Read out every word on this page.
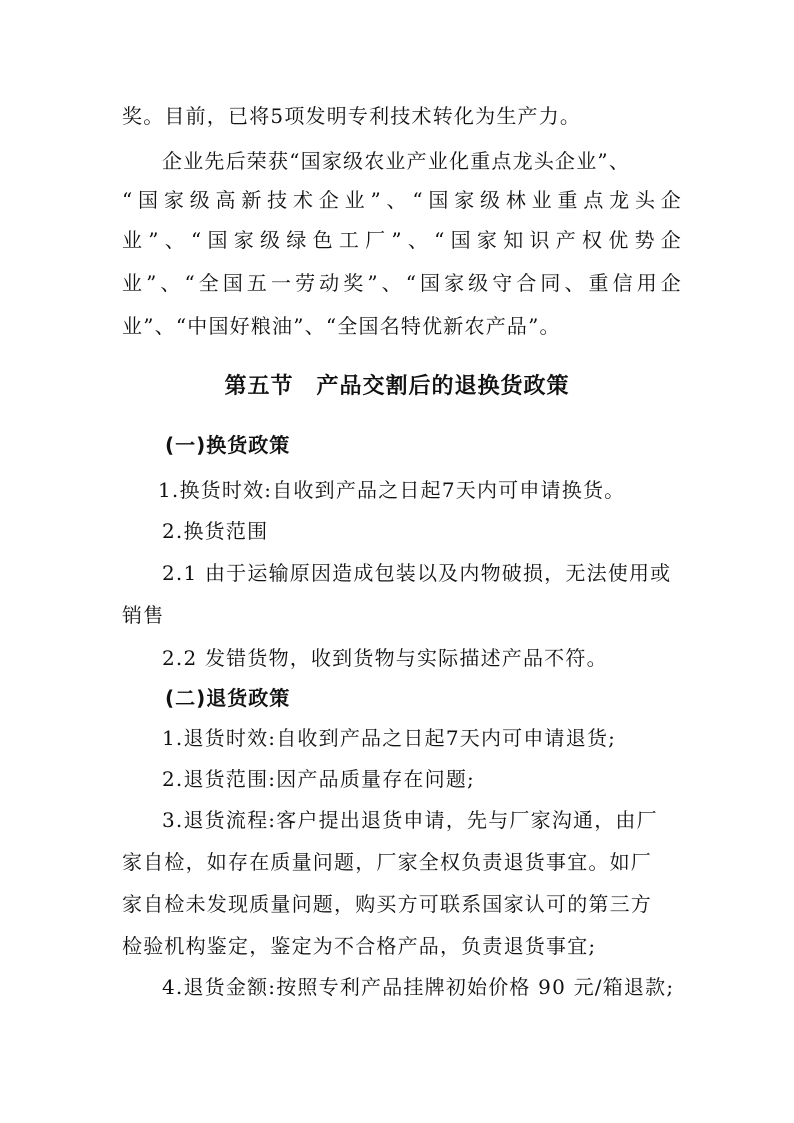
奖。目前，已将5项发明专利技术转化为生产力。
企业先后荣获“国家级农业产业化重点龙头企业”、
“国家级高新技术企业”、“国家级林业重点龙头企
业”、“国家级绿色工厂”、“国家知识产权优势企
业”、“全国五一劳动奖”、“国家级守合同、重信用企
业”、“中国好粮油”、“全国名特优新农产品”。
第五节　产品交割后的退换货政策
(一)换货政策
1.换货时效:自收到产品之日起7天内可申请换货。
2.换货范围
2.1 由于运输原因造成包装以及内物破损，无法使用或
销售
2.2 发错货物，收到货物与实际描述产品不符。
(二)退货政策
1.退货时效:自收到产品之日起7天内可申请退货;
2.退货范围:因产品质量存在问题;
3.退货流程:客户提出退货申请，先与厂家沟通，由厂
家自检，如存在质量问题，厂家全权负责退货事宜。如厂
家自检未发现质量问题，购买方可联系国家认可的第三方
检验机构鉴定，鉴定为不合格产品，负责退货事宜;
4.退货金额:按照专利产品挂牌初始价格 90 元/箱退款;
